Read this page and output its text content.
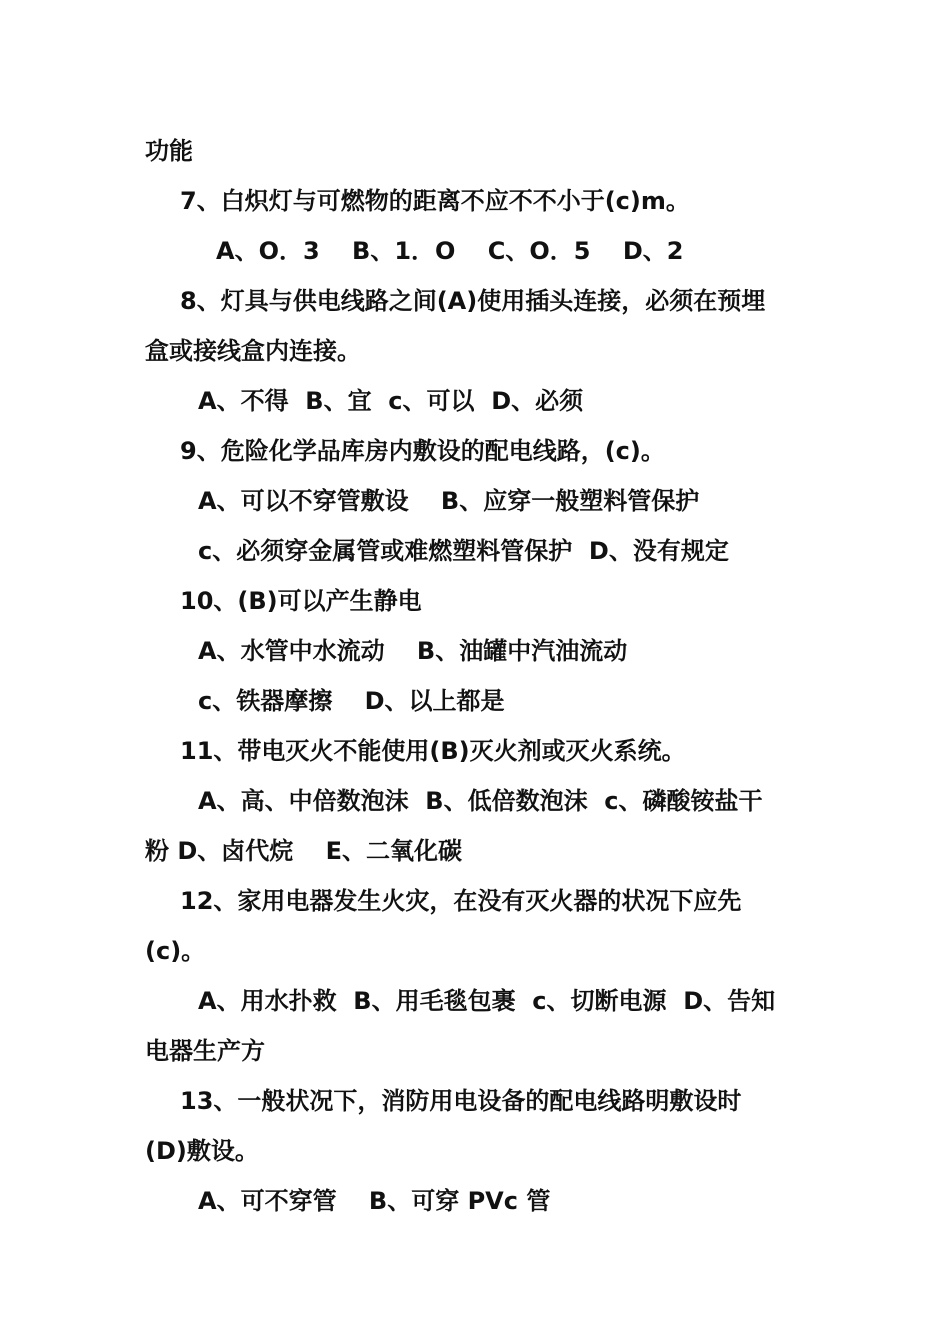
功能
7、白炽灯与可燃物的距离不应不不小于(c)m。
A、O．3　 B、1．O　 C、O．5　 D、2
8、灯具与供电线路之间(A)使用插头连接，必须在预埋
盒或接线盒内连接。
A、不得  B、宜  c、可以  D、必须
9、危险化学品库房内敷设的配电线路，(c)。
A、可以不穿管敷设　 B、应穿一般塑料管保护
c、必须穿金属管或难燃塑料管保护  D、没有规定
10、(B)可以产生静电
A、水管中水流动　 B、油罐中汽油流动
c、铁器摩擦　 D、以上都是
11、带电灭火不能使用(B)灭火剂或灭火系统。
A、高、中倍数泡沫  B、低倍数泡沫  c、磷酸铵盐干
粉 D、卤代烷　 E、二氧化碳
12、家用电器发生火灾，在没有灭火器的状况下应先
(c)。
A、用水扑救  B、用毛毯包裹  c、切断电源  D、告知
电器生产方
13、一般状况下，消防用电设备的配电线路明敷设时
(D)敷设。
A、可不穿管　 B、可穿 PVc 管
